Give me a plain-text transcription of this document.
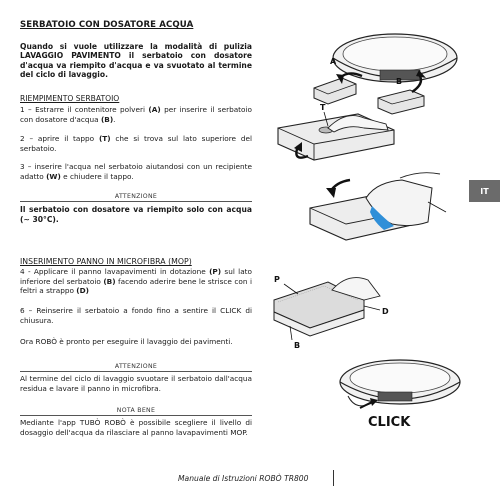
SERBATOIO CON DOSATORE ACQUA
Quando si vuole utilizzare la modalità di pulizia LAVAGGIO PAVIMENTO il serbatoio con dosatore d'acqua va riempito d'acqua e va svuotato al termine del ciclo di lavaggio.
RIEMPIMENTO SERBATOIO
1 – Estrarre il contenitore polveri (A) per inserire il serbatoio con dosatore d'acqua (B).
2 – aprire il tappo (T) che si trova sul lato superiore del serbatoio.
3 – inserire l'acqua nel serbatoio aiutandosi con un recipiente adatto (W) e chiudere il tappo.
ATTENZIONE
Il serbatoio con dosatore va riempito solo con acqua (∼ 30°C).
INSERIMENTO PANNO IN MICROFIBRA (MOP)
4 - Applicare il panno lavapavimenti in dotazione (P) sul lato inferiore del serbatoio (B) facendo aderire bene le strisce con i feltri a strappo (D)
6 – Reinserire il serbatoio a fondo fino a sentire il CLICK di chiusura.
Ora ROBÒ è pronto per eseguire il lavaggio dei pavimenti.
ATTENZIONE
Al termine del ciclo di lavaggio svuotare il serbatoio dall'acqua residua e lavare il panno in microfibra.
NOTA BENE
Mediante l'app TUBÒ ROBÒ è possibile scegliere il livello di dosaggio dell'acqua da rilasciare al panno lavapavimenti MOP.
IT
Manuale di Istruzioni ROBÒ TR800
A
B
T
P
D
B
CLICK
